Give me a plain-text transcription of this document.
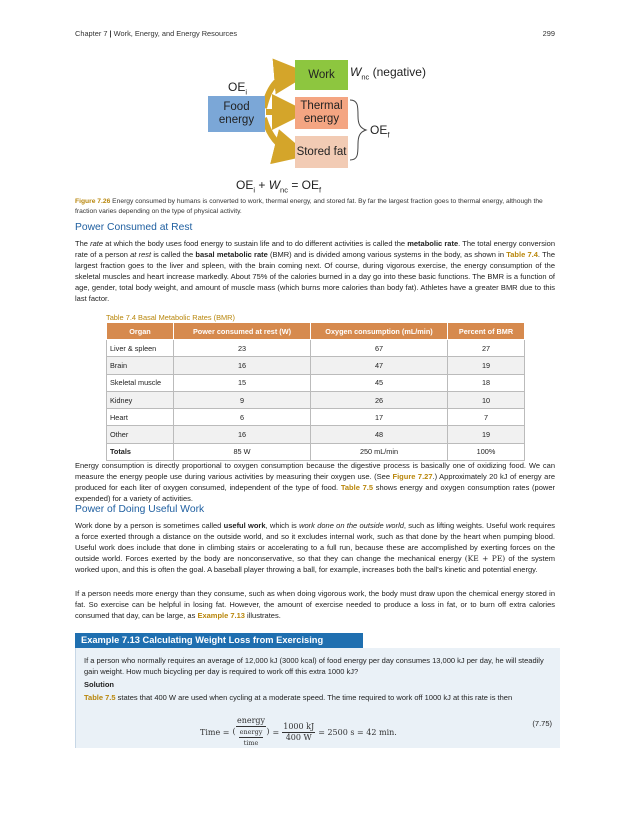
Chapter 7 | Work, Energy, and Energy Resources	299
$OE_i$
Food energy
Work	$W_{nc}$ (negative)
Thermal energy
Stored fat
$OE_f$
$OE_i + W_{nc} = OE_f$
Figure 7.26 Energy consumed by humans is converted to work, thermal energy, and stored fat. By far the largest fraction goes to thermal energy, although the fraction varies depending on the type of physical activity.
Power Consumed at Rest
The rate at which the body uses food energy to sustain life and to do different activities is called the metabolic rate. The total energy conversion rate of a person at rest is called the basal metabolic rate (BMR) and is divided among various systems in the body, as shown in Table 7.4. The largest fraction goes to the liver and spleen, with the brain coming next. Of course, during vigorous exercise, the energy consumption of the skeletal muscles and heart increase markedly. About 75% of the calories burned in a day go into these basic functions. The BMR is a function of age, gender, total body weight, and amount of muscle mass (which burns more calories than body fat). Athletes have a greater BMR due to this last factor.
Table 7.4 Basal Metabolic Rates (BMR)
Organ	Power consumed at rest (W)	Oxygen consumption (mL/min)	Percent of BMR
Liver & spleen	23	67	27
Brain	16	47	19
Skeletal muscle	15	45	18
Kidney	9	26	10
Heart	6	17	7
Other	16	48	19
Totals	85 W	250 mL/min	100%
Energy consumption is directly proportional to oxygen consumption because the digestive process is basically one of oxidizing food. We can measure the energy people use during various activities by measuring their oxygen use. (See Figure 7.27.) Approximately 20 kJ of energy are produced for each liter of oxygen consumed, independent of the type of food. Table 7.5 shows energy and oxygen consumption rates (power expended) for a variety of activities.
Power of Doing Useful Work
Work done by a person is sometimes called useful work, which is work done on the outside world, such as lifting weights. Useful work requires a force exerted through a distance on the outside world, and so it excludes internal work, such as that done by the heart when pumping blood. Useful work does include that done in climbing stairs or accelerating to a full run, because these are accomplished by exerting forces on the outside world. Forces exerted by the body are nonconservative, so that they can change the mechanical energy (KE + PE) of the system worked upon, and this is often the goal. A baseball player throwing a ball, for example, increases both the ball's kinetic and potential energy.
If a person needs more energy than they consume, such as when doing vigorous work, the body must draw upon the chemical energy stored in fat. So exercise can be helpful in losing fat. However, the amount of exercise needed to produce a loss in fat, or to burn off extra calories consumed that day, can be large, as Example 7.13 illustrates.
Example 7.13 Calculating Weight Loss from Exercising
If a person who normally requires an average of 12,000 kJ (3000 kcal) of food energy per day consumes 13,000 kJ per day, he will steadily gain weight. How much bicycling per day is required to work off this extra 1000 kJ?
Solution
Table 7.5 states that 400 W are used when cycling at a moderate speed. The time required to work off 1000 kJ at this rate is then
Time = $\frac{\text{energy}}{( \frac{\text{energy}}{\text{time}} )} = \frac{1000 kJ}{400 W} = 2500$ s = 42 min.
(7.75)
